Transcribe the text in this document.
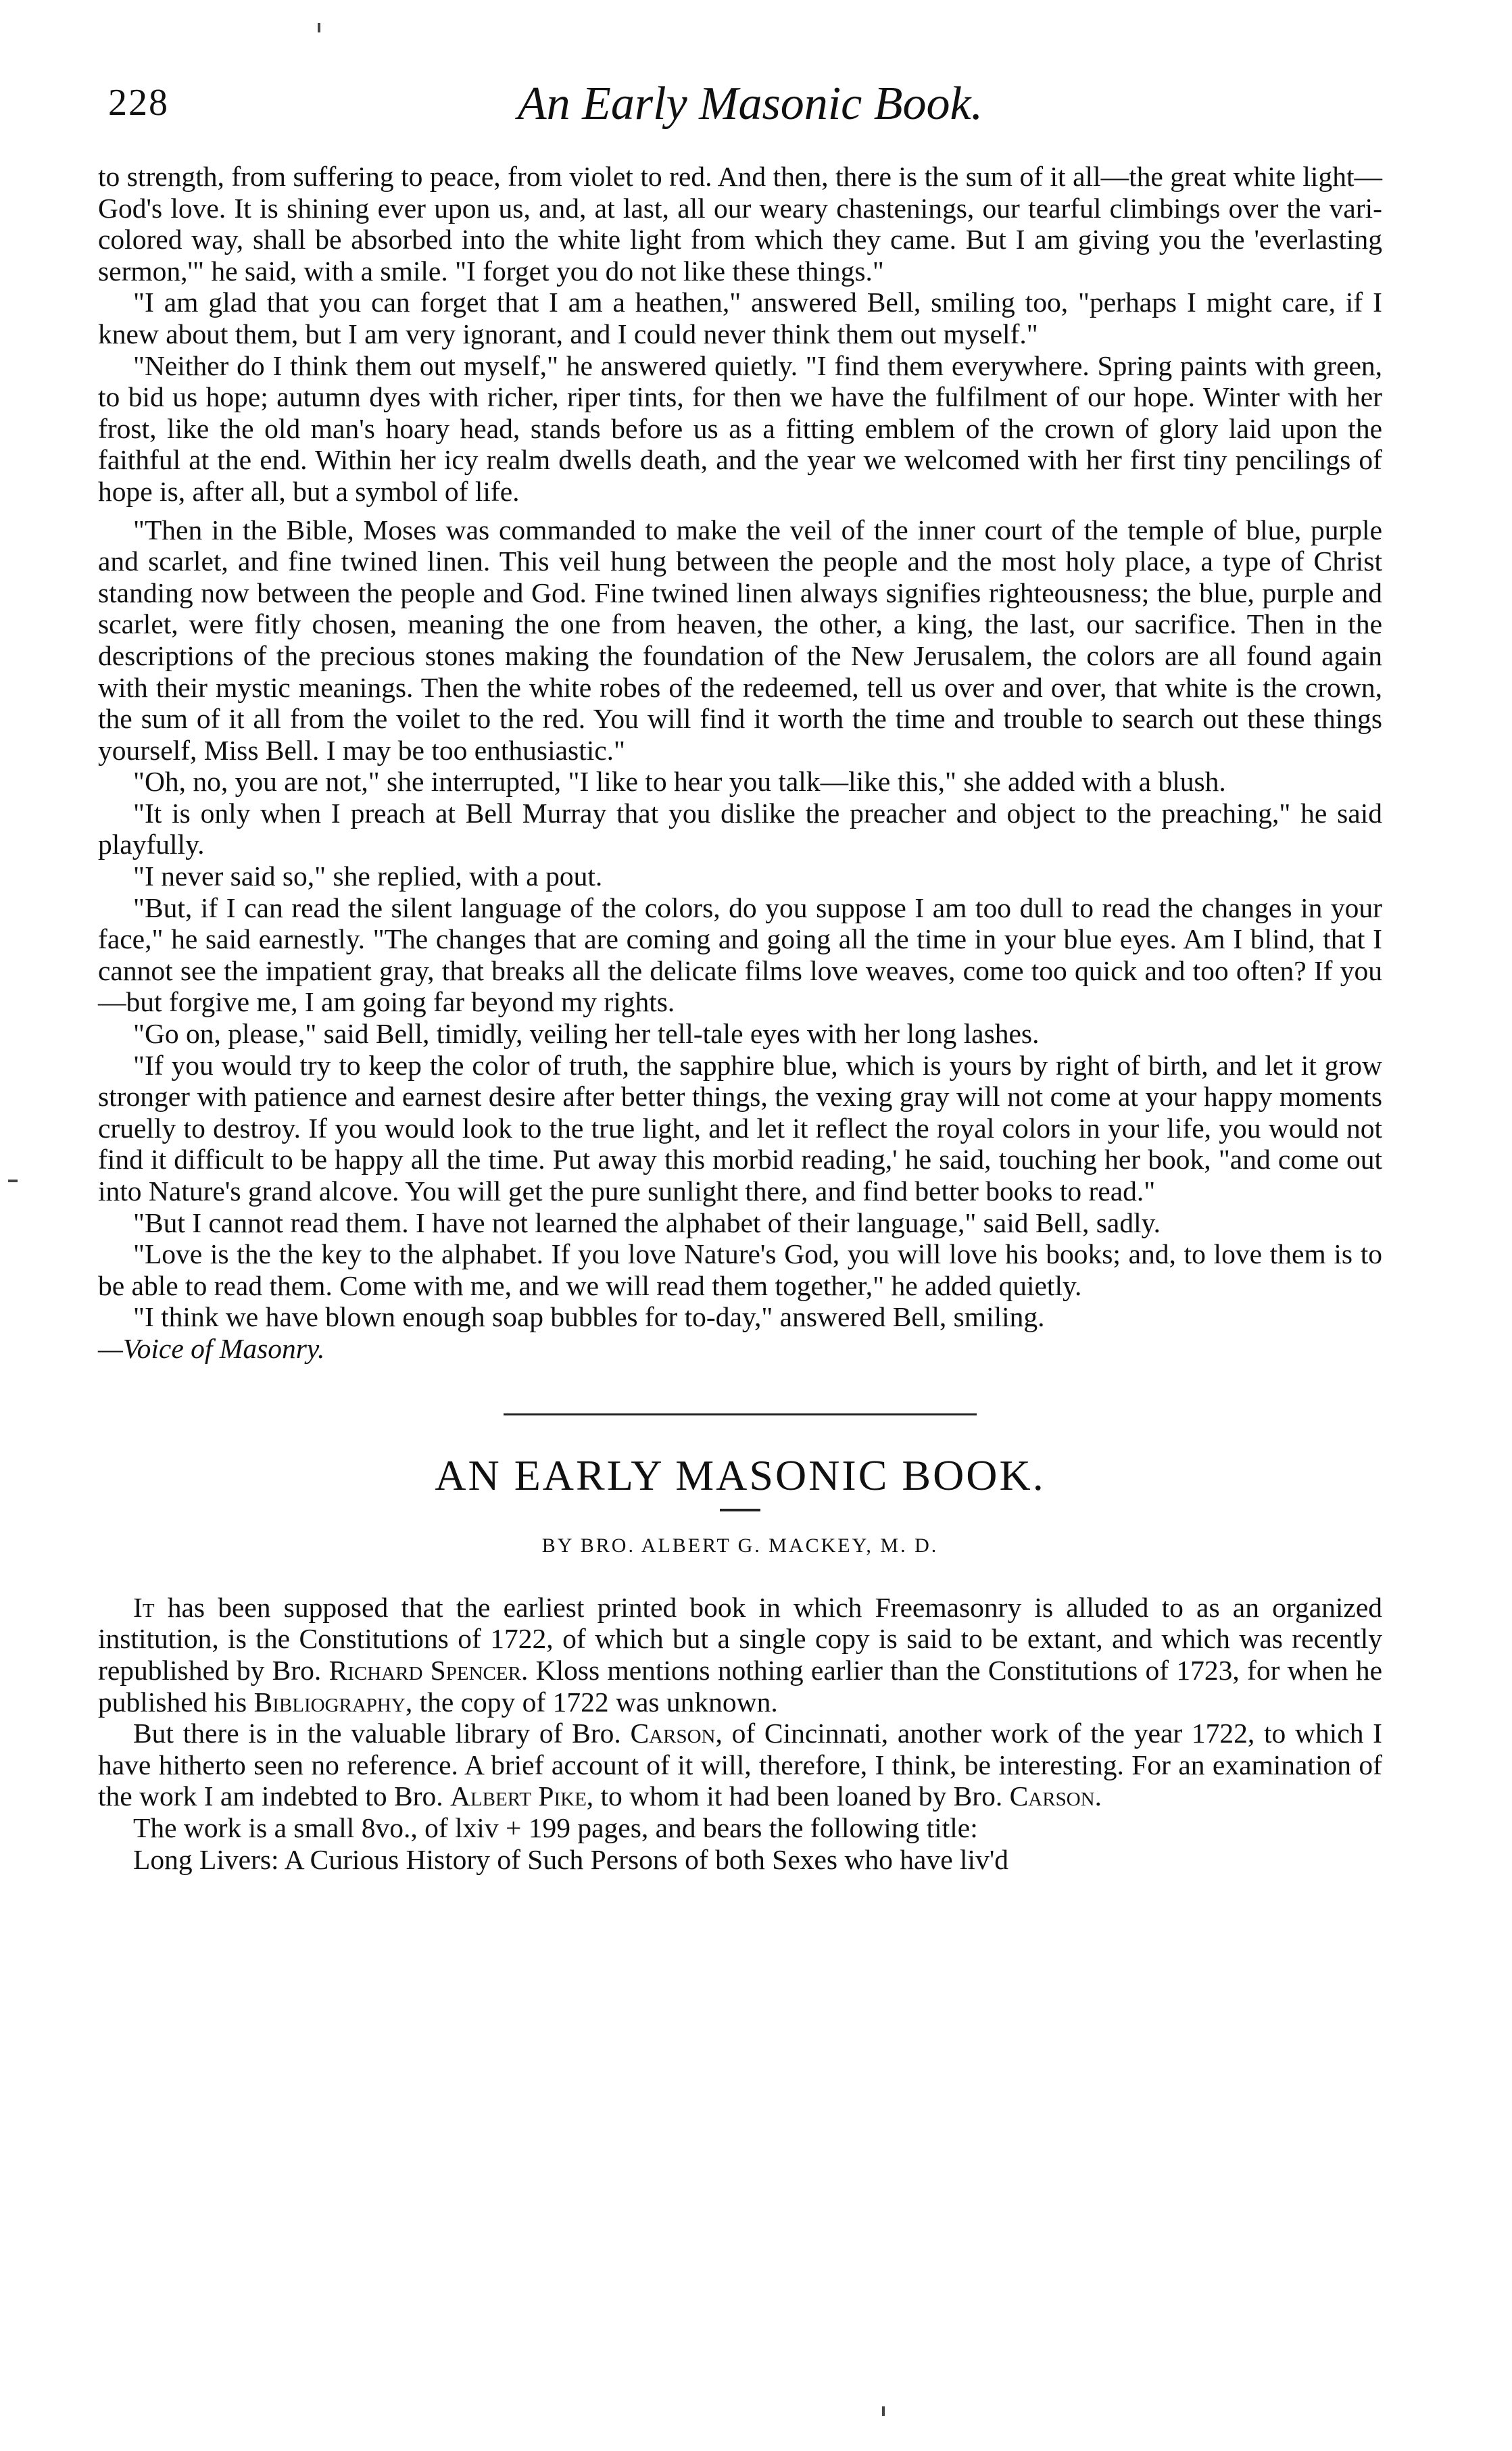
228	An Early Masonic Book.

to strength, from suffering to peace, from violet to red. And then, there is the sum of it all—the great white light—God's love. It is shining ever upon us, and, at last, all our weary chastenings, our tearful climbings over the vari-colored way, shall be absorbed into the white light from which they came. But I am giving you the 'everlasting sermon,'" he said, with a smile. "I forget you do not like these things."

"I am glad that you can forget that I am a heathen," answered Bell, smiling too, "perhaps I might care, if I knew about them, but I am very ignorant, and I could never think them out myself."

"Neither do I think them out myself," he answered quietly. "I find them everywhere. Spring paints with green, to bid us hope; autumn dyes with richer, riper tints, for then we have the fulfilment of our hope. Winter with her frost, like the old man's hoary head, stands before us as a fitting emblem of the crown of glory laid upon the faithful at the end. Within her icy realm dwells death, and the year we welcomed with her first tiny pencilings of hope is, after all, but a symbol of life.

"Then in the Bible, Moses was commanded to make the veil of the inner court of the temple of blue, purple and scarlet, and fine twined linen. This veil hung between the people and the most holy place, a type of Christ standing now between the people and God. Fine twined linen always signifies righteousness; the blue, purple and scarlet, were fitly chosen, meaning the one from heaven, the other, a king, the last, our sacrifice. Then in the descriptions of the precious stones making the foundation of the New Jerusalem, the colors are all found again with their mystic meanings. Then the white robes of the redeemed, tell us over and over, that white is the crown, the sum of it all from the voilet to the red. You will find it worth the time and trouble to search out these things yourself, Miss Bell. I may be too enthusiastic."

"Oh, no, you are not," she interrupted, "I like to hear you talk—like this," she added with a blush.

"It is only when I preach at Bell Murray that you dislike the preacher and object to the preaching," he said playfully.

"I never said so," she replied, with a pout.

"But, if I can read the silent language of the colors, do you suppose I am too dull to read the changes in your face," he said earnestly. "The changes that are coming and going all the time in your blue eyes. Am I blind, that I cannot see the impatient gray, that breaks all the delicate films love weaves, come too quick and too often? If you—but forgive me, I am going far beyond my rights.

"Go on, please," said Bell, timidly, veiling her tell-tale eyes with her long lashes.

"If you would try to keep the color of truth, the sapphire blue, which is yours by right of birth, and let it grow stronger with patience and earnest desire after better things, the vexing gray will not come at your happy moments cruelly to destroy. If you would look to the true light, and let it reflect the royal colors in your life, you would not find it difficult to be happy all the time. Put away this morbid reading,' he said, touching her book, "and come out into Nature's grand alcove. You will get the pure sunlight there, and find better books to read."

"But I cannot read them. I have not learned the alphabet of their language," said Bell, sadly.

"Love is the the key to the alphabet. If you love Nature's God, you will love his books; and, to love them is to be able to read them. Come with me, and we will read them together," he added quietly.

"I think we have blown enough soap bubbles for to-day," answered Bell, smiling.

—Voice of Masonry.

AN EARLY MASONIC BOOK.
BY BRO. ALBERT G. MACKEY, M. D.

It has been supposed that the earliest printed book in which Freemasonry is alluded to as an organized institution, is the Constitutions of 1722, of which but a single copy is said to be extant, and which was recently republished by Bro. Richard Spencer. Kloss mentions nothing earlier than the Constitutions of 1723, for when he published his Bibliography, the copy of 1722 was unknown.

But there is in the valuable library of Bro. Carson, of Cincinnati, another work of the year 1722, to which I have hitherto seen no reference. A brief account of it will, therefore, I think, be interesting. For an examination of the work I am indebted to Bro. Albert Pike, to whom it had been loaned by Bro. Carson.

The work is a small 8vo., of lxiv + 199 pages, and bears the following title:

Long Livers: A Curious History of Such Persons of both Sexes who have liv'd
